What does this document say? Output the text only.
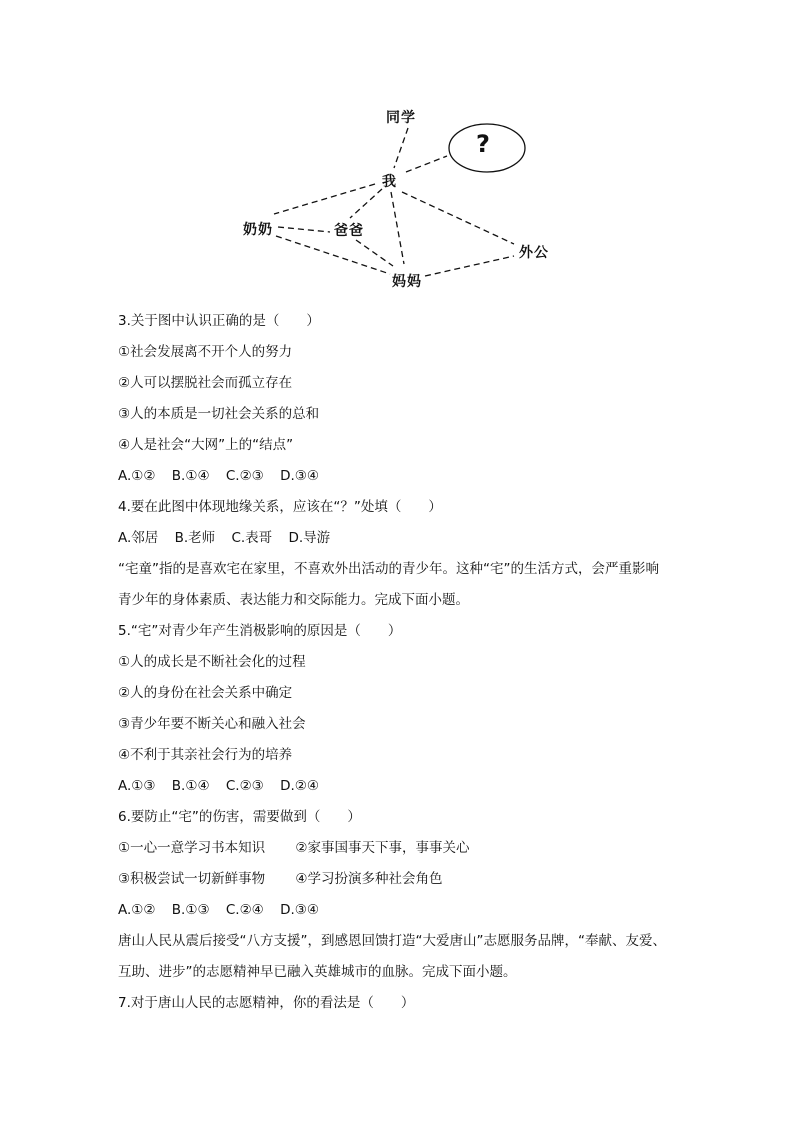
同学
我
?
奶奶	爸爸
妈妈
外公
3.关于图中认识正确的是（　　）
①社会发展离不开个人的努力
②人可以摆脱社会而孤立存在
③人的本质是一切社会关系的总和
④人是社会“大网”上的“结点”
A.①② B.①④ C.②③ D.③④
4.要在此图中体现地缘关系，应该在“？”处填（　　）
A.邻居 B.老师 C.表哥 D.导游
“宅童”指的是喜欢宅在家里，不喜欢外出活动的青少年。这种“宅”的生活方式，会严重影响
青少年的身体素质、表达能力和交际能力。完成下面小题。
5.“宅”对青少年产生消极影响的原因是（　　）
①人的成长是不断社会化的过程
②人的身份在社会关系中确定
③青少年要不断关心和融入社会
④不利于其亲社会行为的培养
A.①③ B.①④ C.②③ D.②④
6.要防止“宅”的伤害，需要做到（　　）
①一心一意学习书本知识 ②家事国事天下事，事事关心
③积极尝试一切新鲜事物 ④学习扮演多种社会角色
A.①② B.①③ C.②④ D.③④
唐山人民从震后接受“八方支援”，到感恩回馈打造“大爱唐山”志愿服务品牌，“奉献、友爱、
互助、进步”的志愿精神早已融入英雄城市的血脉。完成下面小题。
7.对于唐山人民的志愿精神，你的看法是（　　）
